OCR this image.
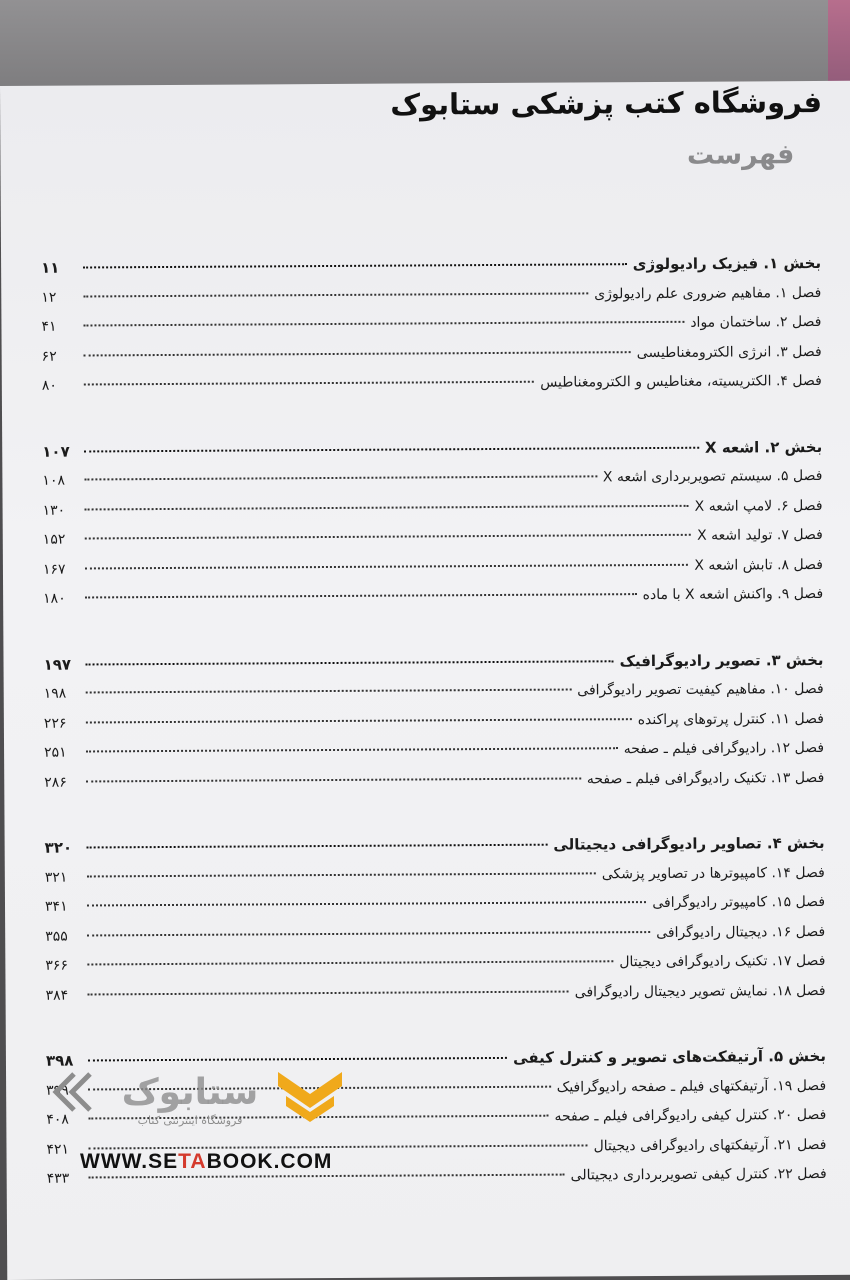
فروشگاه کتب پزشکی ستابوک
فهرست
بخش ۱. فیزیک رادیولوژی
۱۱
فصل ۱. مفاهیم ضروری علم رادیولوژی
۱۲
فصل ۲. ساختمان مواد
۴۱
فصل ۳. انرژی الکترومغناطیسی
۶۲
فصل ۴. الکتریسیته، مغناطیس و الکترومغناطیس
۸۰
بخش ۲. اشعه X
۱۰۷
فصل ۵. سیستم تصویربرداری اشعه X
۱۰۸
فصل ۶. لامپ اشعه X
۱۳۰
فصل ۷. تولید اشعه X
۱۵۲
فصل ۸. تابش اشعه X
۱۶۷
فصل ۹. واکنش اشعه X با ماده
۱۸۰
بخش ۳. تصویر رادیوگرافیک
۱۹۷
فصل ۱۰. مفاهیم کیفیت تصویر رادیوگرافی
۱۹۸
فصل ۱۱. کنترل پرتوهای پراکنده
۲۲۶
فصل ۱۲. رادیوگرافی فیلم ـ صفحه
۲۵۱
فصل ۱۳. تکنیک رادیوگرافی فیلم ـ صفحه
۲۸۶
بخش ۴. تصاویر رادیوگرافی دیجیتالی
۳۲۰
فصل ۱۴. کامپیوترها در تصاویر پزشکی
۳۲۱
فصل ۱۵. کامپیوتر رادیوگرافی
۳۴۱
فصل ۱۶. دیجیتال رادیوگرافی
۳۵۵
فصل ۱۷. تکنیک رادیوگرافی دیجیتال
۳۶۶
فصل ۱۸. نمایش تصویر دیجیتال رادیوگرافی
۳۸۴
بخش ۵. آرتیفکت‌های تصویر و کنترل کیفی
۳۹۸
فصل ۱۹. آرتیفکتهای فیلم ـ صفحه رادیوگرافیک
۳۹۹
فصل ۲۰. کنترل کیفی رادیوگرافی فیلم ـ صفحه
۴۰۸
فصل ۲۱. آرتیفکتهای رادیوگرافی دیجیتال
۴۲۱
فصل ۲۲. کنترل کیفی تصویربرداری دیجیتالی
۴۳۳
ستابوک
فروشگاه اینترنتی کتاب
WWW.SETABOOK.COM
